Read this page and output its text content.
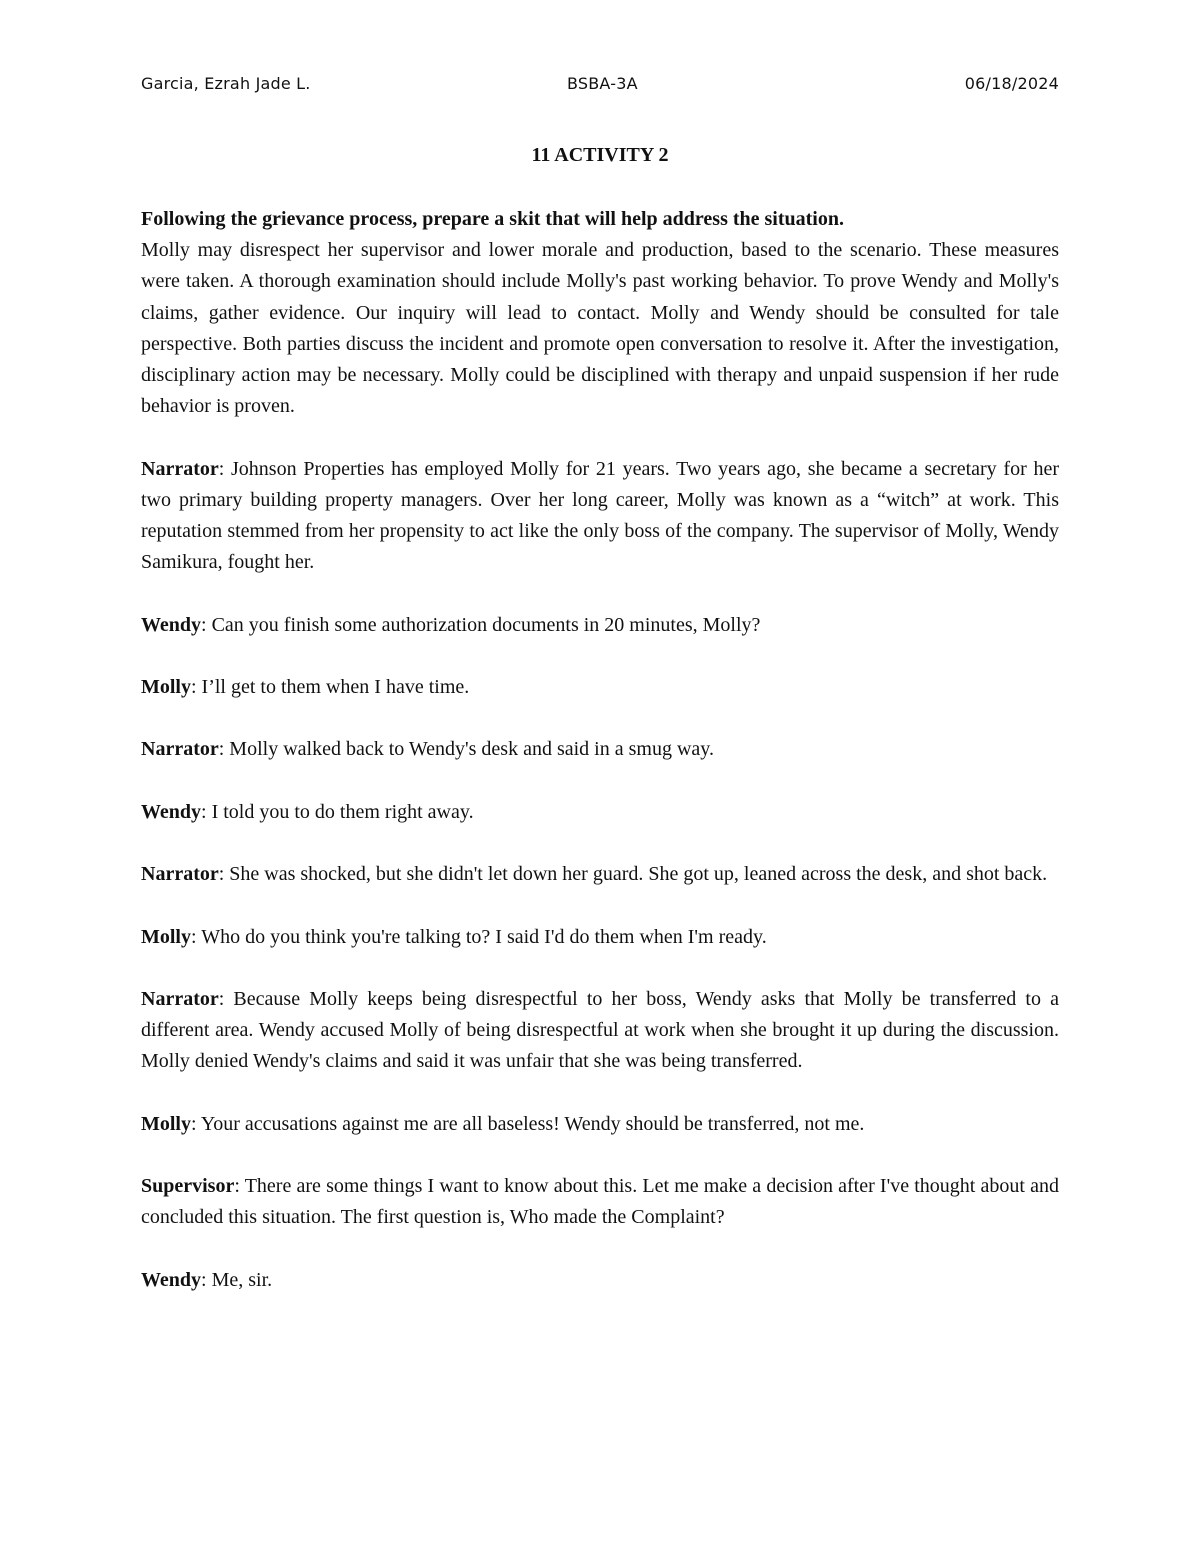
Garcia, Ezrah Jade L.	BSBA-3A	06/18/2024
11 ACTIVITY 2

Following the grievance process, prepare a skit that will help address the situation.
Molly may disrespect her supervisor and lower morale and production, based to the scenario. These measures were taken. A thorough examination should include Molly's past working behavior. To prove Wendy and Molly's claims, gather evidence. Our inquiry will lead to contact. Molly and Wendy should be consulted for tale perspective. Both parties discuss the incident and promote open conversation to resolve it. After the investigation, disciplinary action may be necessary. Molly could be disciplined with therapy and unpaid suspension if her rude behavior is proven.

Narrator: Johnson Properties has employed Molly for 21 years. Two years ago, she became a secretary for her two primary building property managers. Over her long career, Molly was known as a “witch” at work. This reputation stemmed from her propensity to act like the only boss of the company. The supervisor of Molly, Wendy Samikura, fought her.

Wendy: Can you finish some authorization documents in 20 minutes, Molly?

Molly: I’ll get to them when I have time.

Narrator: Molly walked back to Wendy's desk and said in a smug way.

Wendy: I told you to do them right away.

Narrator: She was shocked, but she didn't let down her guard. She got up, leaned across the desk, and shot back.

Molly: Who do you think you're talking to? I said I'd do them when I'm ready.

Narrator: Because Molly keeps being disrespectful to her boss, Wendy asks that Molly be transferred to a different area. Wendy accused Molly of being disrespectful at work when she brought it up during the discussion. Molly denied Wendy's claims and said it was unfair that she was being transferred.

Molly: Your accusations against me are all baseless! Wendy should be transferred, not me.

Supervisor: There are some things I want to know about this. Let me make a decision after I've thought about and concluded this situation. The first question is, Who made the Complaint?

Wendy: Me, sir.
